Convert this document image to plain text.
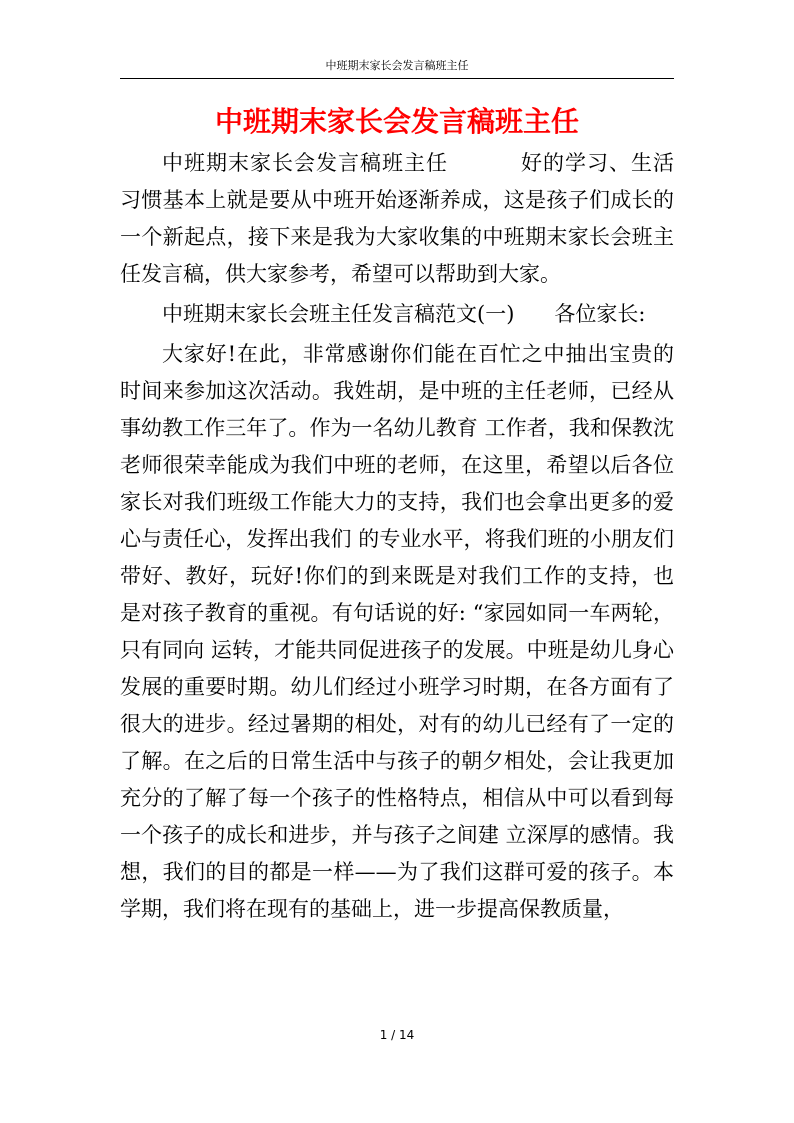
中班期末家长会发言稿班主任
中班期末家长会发言稿班主任

中班期末家长会发言稿班主任	好的学习、生活习惯基本上就是要从中班开始逐渐养成，这是孩子们成长的一个新起点，接下来是我为大家收集的中班期末家长会班主任发言稿，供大家参考，希望可以帮助到大家。

中班期末家长会班主任发言稿范文(一) 各位家长:

大家好!在此，非常感谢你们能在百忙之中抽出宝贵的时间来参加这次活动。我姓胡，是中班的主任老师，已经从事幼教工作三年了。作为一名幼儿教育 工作者，我和保教沈老师很荣幸能成为我们中班的老师，在这里，希望以后各位家长对我们班级工作能大力的支持，我们也会拿出更多的爱心与责任心，发挥出我们 的专业水平，将我们班的小朋友们带好、教好，玩好!你们的到来既是对我们工作的支持，也是对孩子教育的重视。有句话说的好: “家园如同一车两轮，只有同向 运转，才能共同促进孩子的发展。中班是幼儿身心发展的重要时期。幼儿们经过小班学习时期，在各方面有了很大的进步。经过暑期的相处，对有的幼儿已经有了一定的了解。在之后的日常生活中与孩子的朝夕相处，会让我更加充分的了解了每一个孩子的性格特点，相信从中可以看到每一个孩子的成长和进步，并与孩子之间建 立深厚的感情。我想，我们的目的都是一样——为了我们这群可爱的孩子。本学期，我们将在现有的基础上，进一步提高保教质量，

1 / 14
